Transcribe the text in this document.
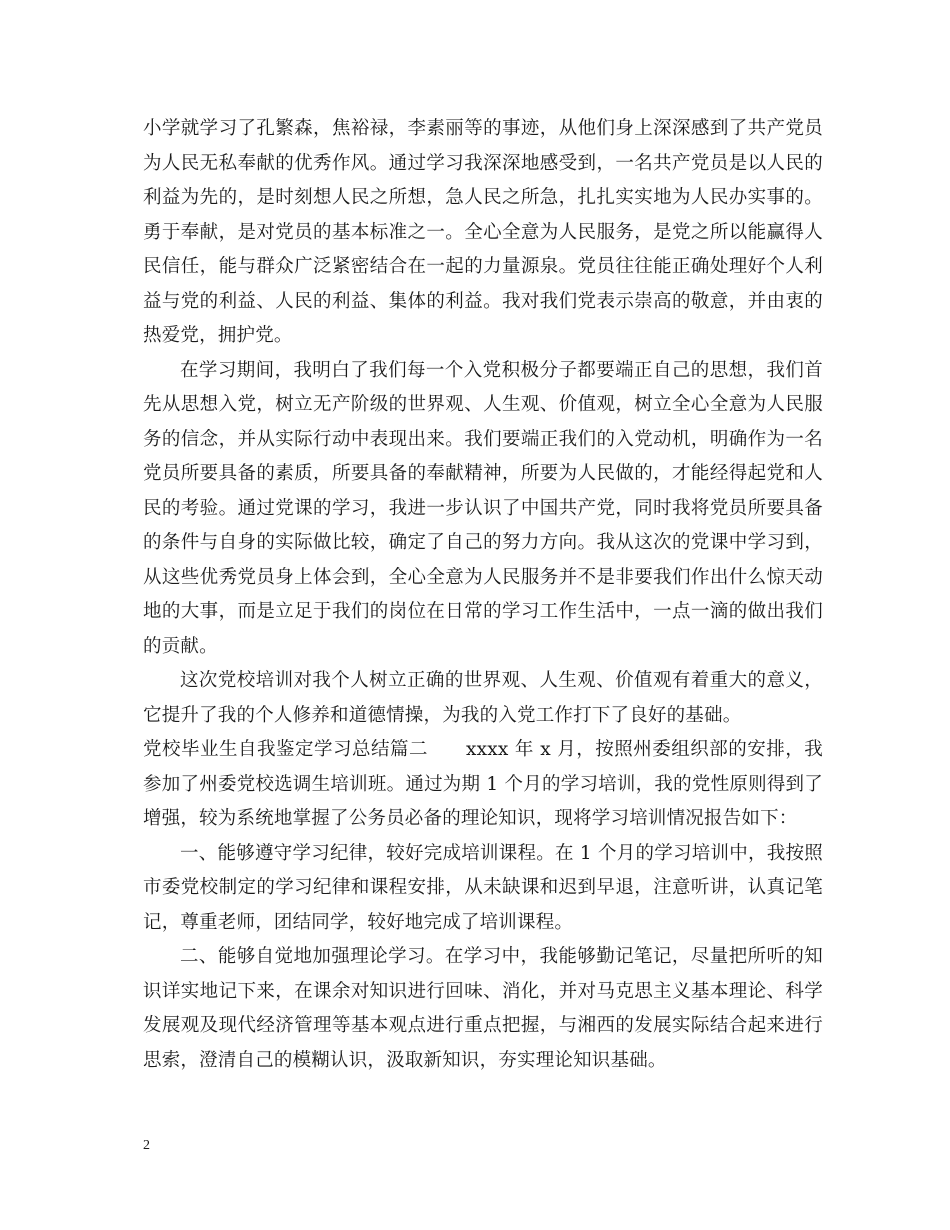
小学就学习了孔繁森，焦裕禄，李素丽等的事迹，从他们身上深深感到了共产党员为人民无私奉献的优秀作风。通过学习我深深地感受到，一名共产党员是以人民的利益为先的，是时刻想人民之所想，急人民之所急，扎扎实实地为人民办实事的。勇于奉献，是对党员的基本标准之一。全心全意为人民服务，是党之所以能赢得人民信任，能与群众广泛紧密结合在一起的力量源泉。党员往往能正确处理好个人利益与党的利益、人民的利益、集体的利益。我对我们党表示崇高的敬意，并由衷的热爱党，拥护党。

在学习期间，我明白了我们每一个入党积极分子都要端正自己的思想，我们首先从思想入党，树立无产阶级的世界观、人生观、价值观，树立全心全意为人民服务的信念，并从实际行动中表现出来。我们要端正我们的入党动机，明确作为一名党员所要具备的素质，所要具备的奉献精神，所要为人民做的，才能经得起党和人民的考验。通过党课的学习，我进一步认识了中国共产党，同时我将党员所要具备的条件与自身的实际做比较，确定了自己的努力方向。我从这次的党课中学习到，从这些优秀党员身上体会到，全心全意为人民服务并不是非要我们作出什么惊天动地的大事，而是立足于我们的岗位在日常的学习工作生活中，一点一滴的做出我们的贡献。

这次党校培训对我个人树立正确的世界观、人生观、价值观有着重大的意义，它提升了我的个人修养和道德情操，为我的入党工作打下了良好的基础。

党校毕业生自我鉴定学习总结篇二　　xxxx 年 x 月，按照州委组织部的安排，我参加了州委党校选调生培训班。通过为期 1 个月的学习培训，我的党性原则得到了增强，较为系统地掌握了公务员必备的理论知识，现将学习培训情况报告如下：

一、能够遵守学习纪律，较好完成培训课程。在 1 个月的学习培训中，我按照市委党校制定的学习纪律和课程安排，从未缺课和迟到早退，注意听讲，认真记笔记，尊重老师，团结同学，较好地完成了培训课程。

二、能够自觉地加强理论学习。在学习中，我能够勤记笔记，尽量把所听的知识详实地记下来，在课余对知识进行回味、消化，并对马克思主义基本理论、科学发展观及现代经济管理等基本观点进行重点把握，与湘西的发展实际结合起来进行思索，澄清自己的模糊认识，汲取新知识，夯实理论知识基础。

2
